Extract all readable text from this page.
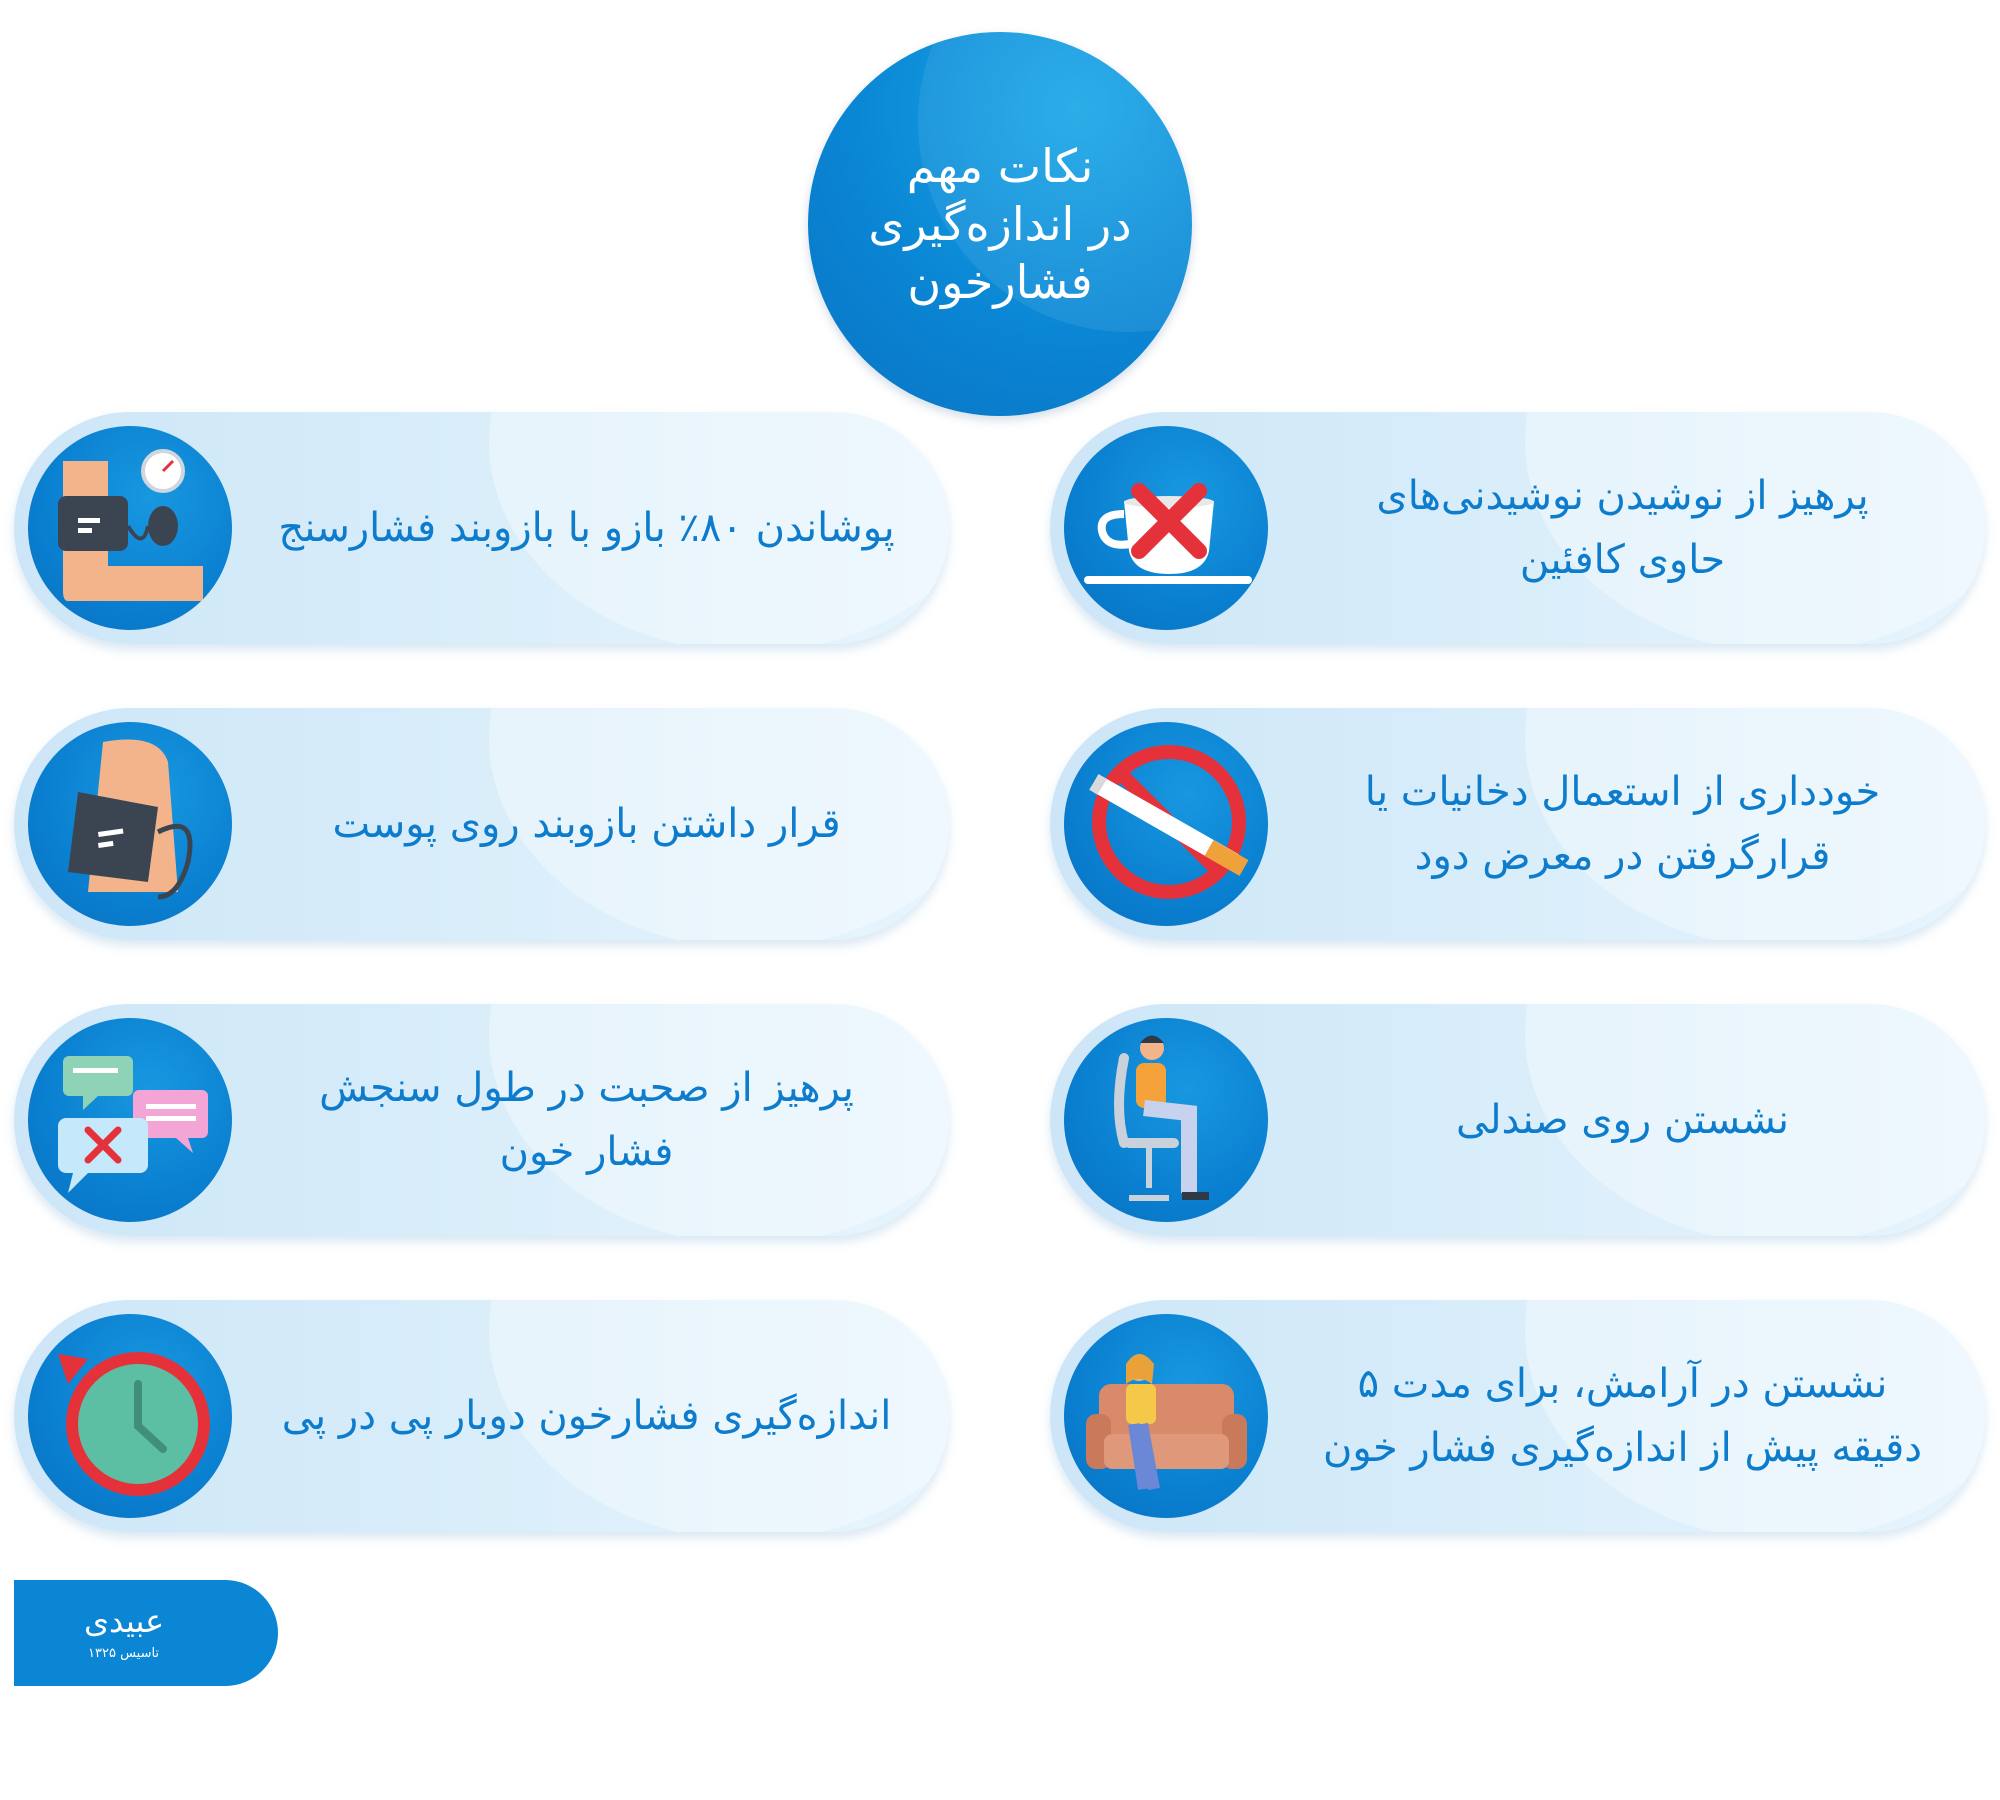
نکات مهم
در اندازه‌گیری
فشارخون
پرهیز از نوشیدن نوشیدنی‌های
حاوی کافئین
پوشاندن ۸۰٪ بازو با بازوبند فشارسنج
خودداری از استعمال دخانیات یا
قرارگرفتن در معرض دود
قرار داشتن بازوبند روی پوست
نشستن روی صندلی
پرهیز از صحبت در طول سنجش
فشار خون
نشستن در آرامش، برای مدت ۵
دقیقه پیش از اندازه‌گیری فشار خون
اندازه‌گیری فشارخون دوبار پی در پی
عبیدی
تاسیس ۱۳۲۵
